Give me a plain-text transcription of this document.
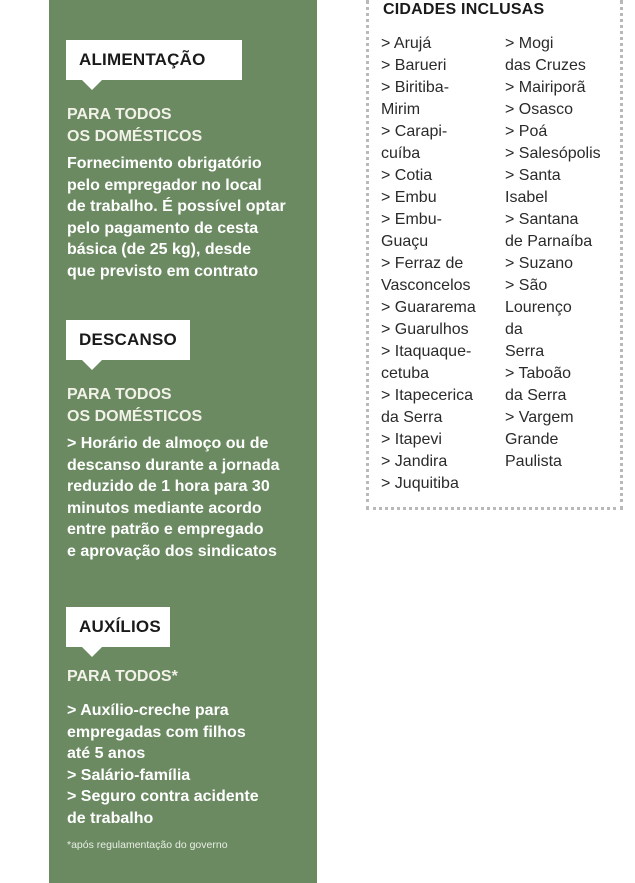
ALIMENTAÇÃO
PARA TODOS
OS DOMÉSTICOS
Fornecimento obrigatório
pelo empregador no local
de trabalho. É possível optar
pelo pagamento de cesta
básica (de 25 kg), desde
que previsto em contrato
DESCANSO
PARA TODOS
OS DOMÉSTICOS
> Horário de almoço ou de
descanso durante a jornada
reduzido de 1 hora para 30
minutos mediante acordo
entre patrão e empregado
e aprovação dos sindicatos
AUXÍLIOS
PARA TODOS*
> Auxílio-creche para
empregadas com filhos
até 5 anos
> Salário-família
> Seguro contra acidente
de trabalho
*após regulamentação do governo
CIDADES INCLUSAS
> Arujá
> Barueri
> Biritiba-
Mirim
> Carapi-
cuíba
> Cotia
> Embu
> Embu-
Guaçu
> Ferraz de
Vasconcelos
> Guararema
> Guarulhos
> Itaquaque-
cetuba
> Itapecerica
da Serra
> Itapevi
> Jandira
> Juquitiba
> Mogi
das Cruzes
> Mairiporã
> Osasco
> Poá
> Salesópolis
> Santa
Isabel
> Santana
de Parnaíba
> Suzano
> São
Lourenço
da
Serra
> Taboão
da Serra
> Vargem
Grande
Paulista
